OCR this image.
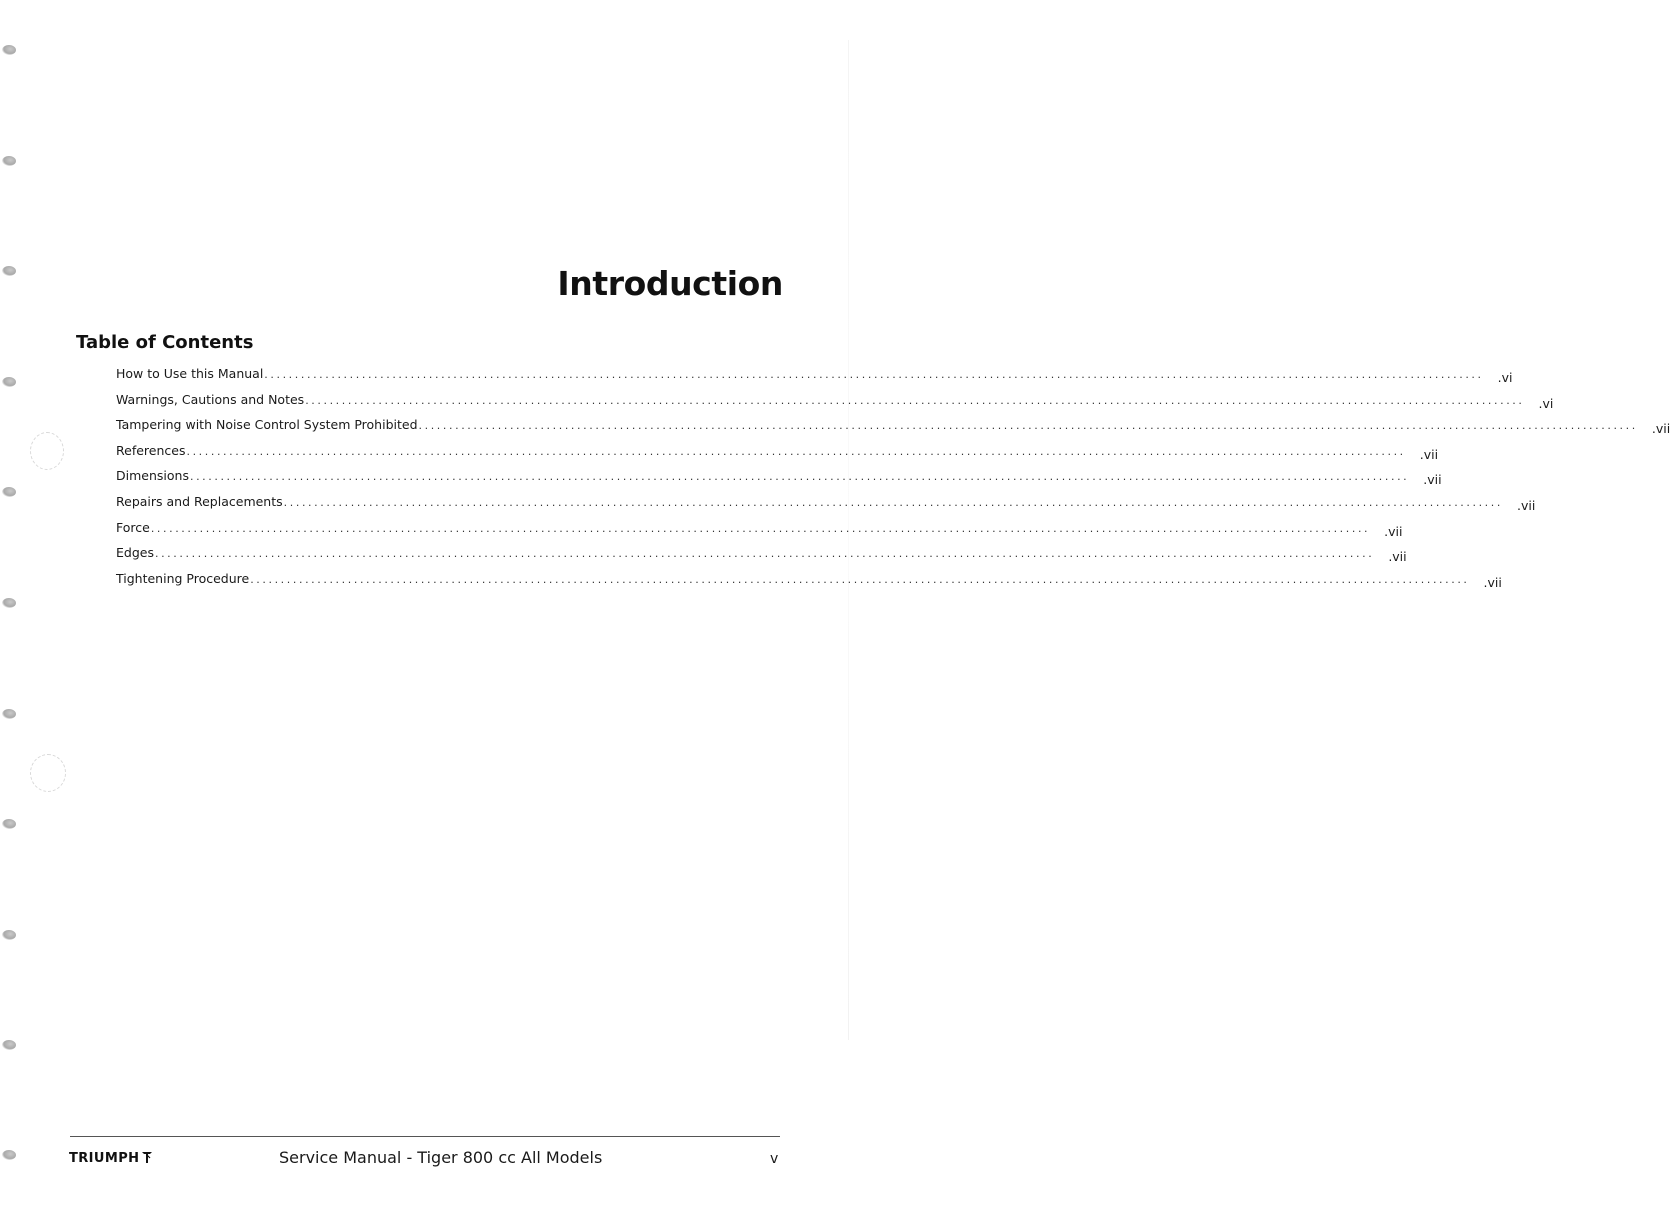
Introduction
Table of Contents
How to Use this Manual ........................................................................................................................................................................................................ .vi
Warnings, Cautions and Notes ........................................................................................................................................................................................................ .vi
Tampering with Noise Control System Prohibited ........................................................................................................................................................................................................ .vii
References ........................................................................................................................................................................................................ .vii
Dimensions ........................................................................................................................................................................................................ .vii
Repairs and Replacements ........................................................................................................................................................................................................ .vii
Force ........................................................................................................................................................................................................ .vii
Edges ........................................................................................................................................................................................................ .vii
Tightening Procedure ........................................................................................................................................................................................................ .vii
TRIUMPH	Service Manual - Tiger 800 cc All Models	v
